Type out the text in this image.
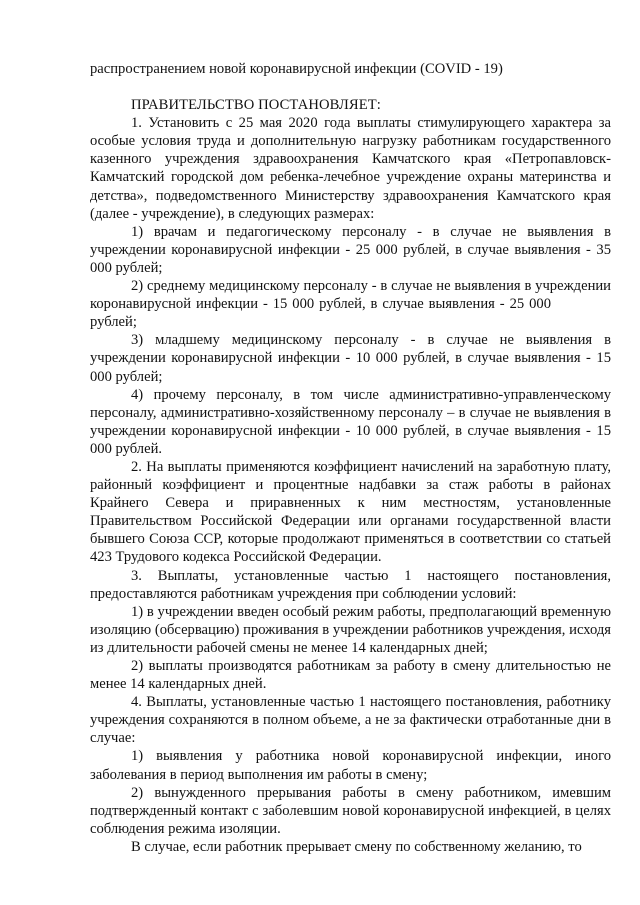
распространением новой коронавирусной инфекции (COVID - 19)

ПРАВИТЕЛЬСТВО ПОСТАНОВЛЯЕТ:

1. Установить с 25 мая 2020 года выплаты стимулирующего характера за особые условия труда и дополнительную нагрузку работникам государственного казенного учреждения здравоохранения Камчатского края «Петропавловск-Камчатский городской дом ребенка-лечебное учреждение охраны материнства и детства», подведомственного Министерству здравоохранения Камчатского края (далее - учреждение), в следующих размерах:

1) врачам и педагогическому персоналу - в случае не выявления в учреждении коронавирусной инфекции - 25 000 рублей, в случае выявления - 35 000 рублей;

2) среднему медицинскому персоналу - в случае не выявления в учреждении коронавирусной инфекции - 15 000 рублей, в случае выявления - 25 000рублей;

3) младшему медицинскому персоналу - в случае не выявления в учреждении коронавирусной инфекции - 10 000 рублей, в случае выявления - 15 000 рублей;

4) прочему персоналу, в том числе административно-управленческому персоналу, административно-хозяйственному персоналу – в случае не выявления в учреждении коронавирусной инфекции - 10 000 рублей, в случае выявления - 15 000 рублей.

2. На выплаты применяются коэффициент начислений на заработную плату, районный коэффициент и процентные надбавки за стаж работы в районах Крайнего Севера и приравненных к ним местностям, установленные Правительством Российской Федерации или органами государственной власти бывшего Союза ССР, которые продолжают применяться в соответствии со статьей 423 Трудового кодекса Российской Федерации.

3. Выплаты, установленные частью 1 настоящего постановления, предоставляются работникам учреждения при соблюдении условий:

1) в учреждении введен особый режим работы, предполагающий временную изоляцию (обсервацию) проживания в учреждении работников учреждения, исходя из длительности рабочей смены не менее 14 календарных дней;

2) выплаты производятся работникам за работу в смену длительностью не менее 14 календарных дней.

4. Выплаты, установленные частью 1 настоящего постановления, работнику учреждения сохраняются в полном объеме, а не за фактически отработанные дни в случае:

1) выявления у работника новой коронавирусной инфекции, иного заболевания в период выполнения им работы в смену;

2) вынужденного прерывания работы в смену работником, имевшим подтвержденный контакт с заболевшим новой коронавирусной инфекцией, в целях соблюдения режима изоляции.

В случае, если работник прерывает смену по собственному желанию, то
